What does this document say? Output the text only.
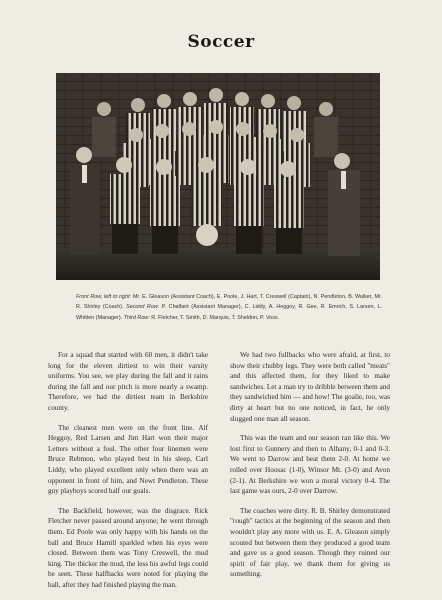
Soccer
Front Row, left to right: Mr. E. Gleason (Assistant Coach), E. Poole, J. Hart, T. Creswell (Captain), N. Pendleton, B. Walker, Mr. R. Shirley (Coach). Second Row: P. Chalfant (Assistant Manager), C. Liddy, A. Heggoy, R. Gee, R. Emrich, S. Larsen, L. Whitten (Manager). Third Row: R. Fletcher, T. Smith, D. Marquis, T. Sheldon, P. Voss.

For a squad that started with 60 men, it didn't take long for the eleven dirtiest to win their varsity uniforms. You see, we play during the fall and it rains during the fall and our pitch is more nearly a swamp. Therefore, we had the dirtiest team in Berkshire county.

The cleanest men were on the front line. Alf Heggoy, Red Larsen and Jim Hart won their major Letters without a foul. The other four linemen were Bruce Rebmon, who played best in his sleep, Carl Liddy, who played excellent only when there was an opponent in front of him, and Newt Pendleton. These guy playboys scored half our goals.

The Backfield, however, was the disgrace. Rick Fletcher never passed around anyone; he went through them. Ed Poole was only happy with his hands on the ball and Bruce Hamill sparkled when his eyes were closed. Between them was Tony Creswell, the mud king. The thicker the mud, the less his awful legs could be seen. These halfbacks were noted for playing the ball, after they had finished playing the man.

We had two fullbacks who were afraid, at first, to show their chubby legs. They were both called "meats" and this affected them, for they liked to make sandwiches. Let a man try to dribble between them and they sandwiched him — and how! The goalie, too, was dirty at heart but no one noticed, in fact, he only slugged one man all season.

This was the team and our season ran like this. We lost first to Gunnery and then to Albany, 0-1 and 0-3. We went to Darrow and beat them 2-0. At home we rolled over Hoosac (1-0), Winsor Mt. (3-0) and Avon (2-1). At Berkshire we won a moral victory 0-4. The last game was ours, 2-0 over Darrow.

The coaches were dirty. R. B. Shirley demonstrated "rough" tactics at the beginning of the season and then wouldn't play any more with us. E. A. Gleason simply scouted but between them they produced a good team and gave us a good season. Though they ruined our spirit of fair play, we thank them for giving us something.
